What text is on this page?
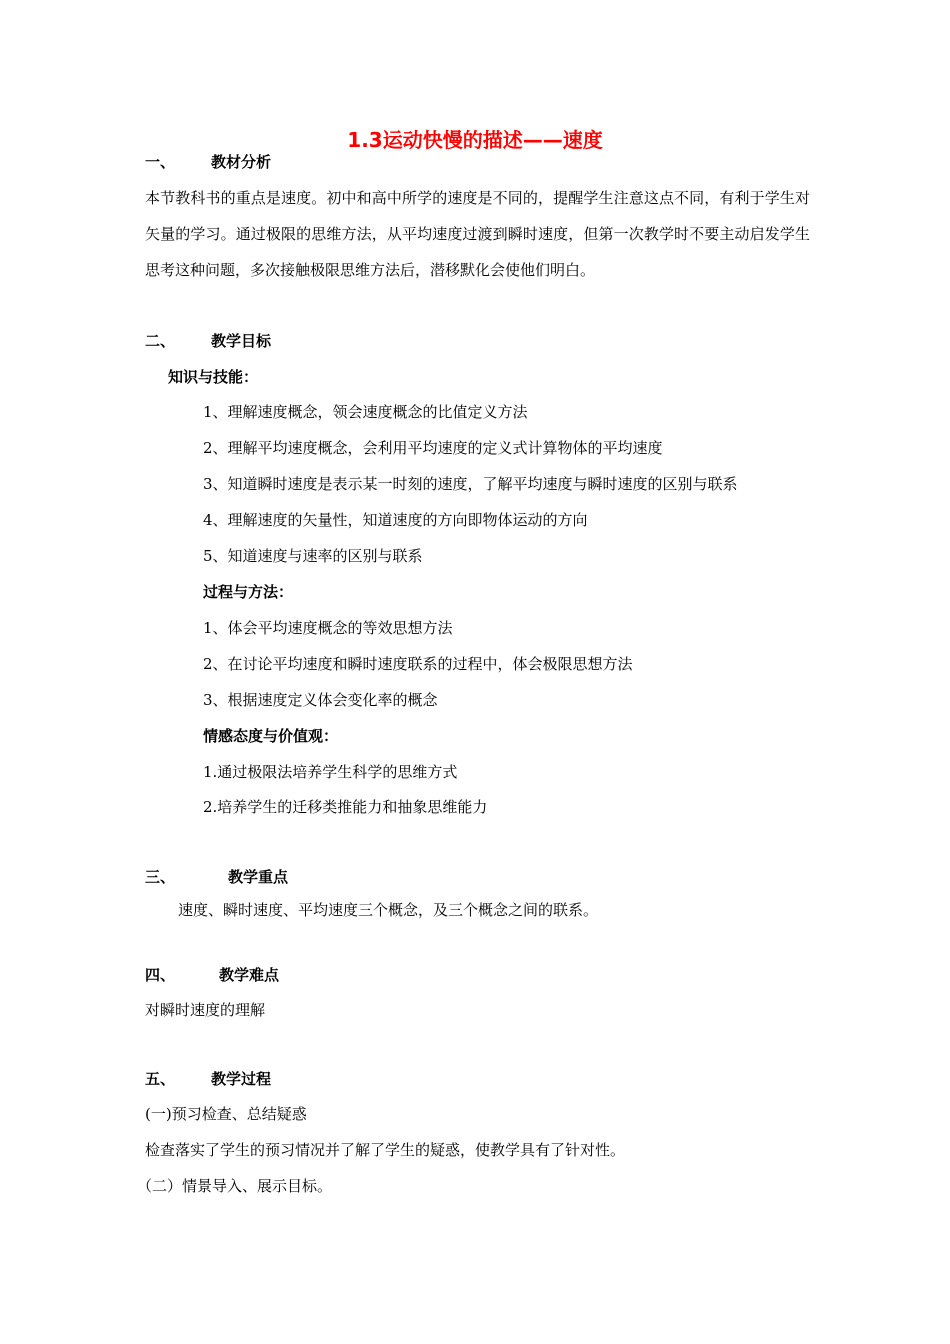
1.3运动快慢的描述——速度
一、 教材分析
本节教科书的重点是速度。初中和高中所学的速度是不同的，提醒学生注意这点不同，有利于学生对矢量的学习。通过极限的思维方法，从平均速度过渡到瞬时速度，但第一次教学时不要主动启发学生思考这种问题，多次接触极限思维方法后，潜移默化会使他们明白。
二、 教学目标
知识与技能：
1、理解速度概念，领会速度概念的比值定义方法
2、理解平均速度概念，会利用平均速度的定义式计算物体的平均速度
3、知道瞬时速度是表示某一时刻的速度，了解平均速度与瞬时速度的区别与联系
4、理解速度的矢量性，知道速度的方向即物体运动的方向
5、知道速度与速率的区别与联系
过程与方法：
1、体会平均速度概念的等效思想方法
2、在讨论平均速度和瞬时速度联系的过程中，体会极限思想方法
3、根据速度定义体会变化率的概念
情感态度与价值观：
1.通过极限法培养学生科学的思维方式
2.培养学生的迁移类推能力和抽象思维能力
三、	教学重点
速度、瞬时速度、平均速度三个概念，及三个概念之间的联系。
四、	教学难点
对瞬时速度的理解
五、 教学过程
(一)预习检查、总结疑惑
检查落实了学生的预习情况并了解了学生的疑惑，使教学具有了针对性。
（二）情景导入、展示目标。
